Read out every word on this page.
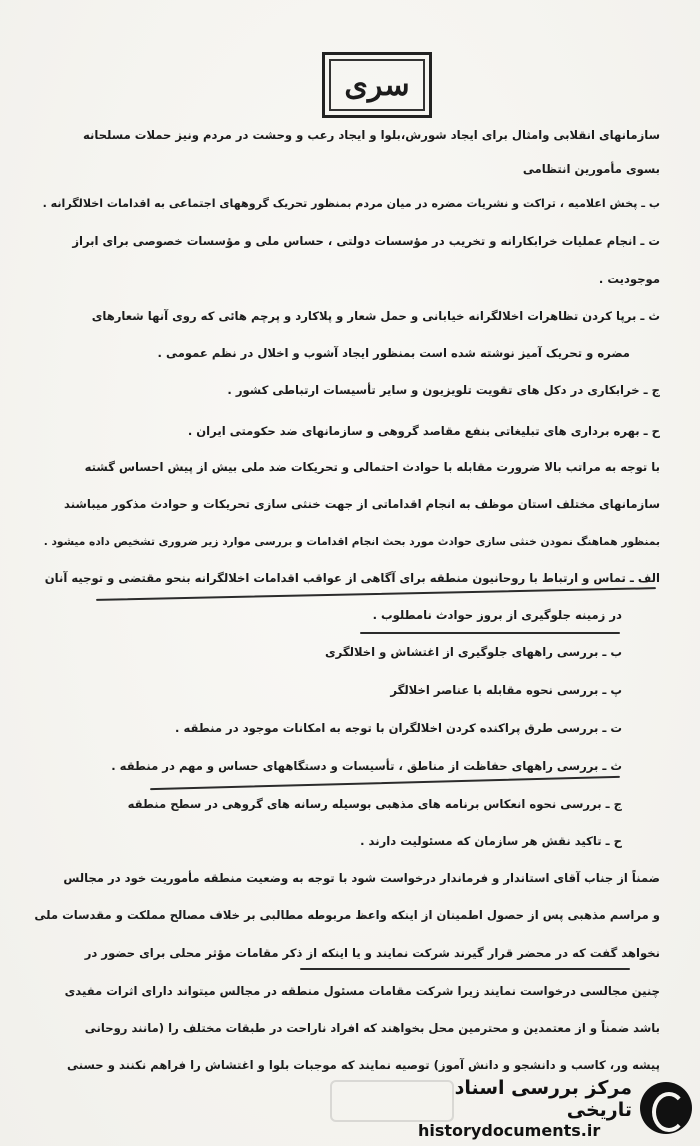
سری
سازمانهای انقلابی وامثال برای ایجاد شورش،بلوا و ایجاد رعب و وحشت در مردم ونیز حملات مسلحانه
بسوی مأمورین انتظامی
ب ـ پخش اعلامیه ، تراکت و نشریات مضره در میان مردم بمنظور تحریک گروههای اجتماعی به اقدامات اخلالگرانه .
ت ـ انجام عملیات خرابکارانه و تخریب در مؤسسات دولتی ، حساس ملی و مؤسسات خصوصی برای ابراز
موجودیت .
ث ـ برپا کردن تظاهرات اخلالگرانه خیابانی و حمل شعار و پلاکارد و پرچم هائی که روی آنها شعارهای
مضره و تحریک آمیز نوشته شده است بمنظور ایجاد آشوب و اخلال در نظم عمومی .
ج ـ خرابکاری در دکل های تقویت تلویزیون و سایر تأسیسات ارتباطی کشور .
ح ـ بهره برداری های تبلیغاتی بنفع مقاصد گروهی و سازمانهای ضد حکومتی ایران .
با توجه به مراتب بالا ضرورت مقابله با حوادث احتمالی و تحریکات ضد ملی بیش از پیش احساس گشته
سازمانهای مختلف استان موظف به انجام اقداماتی از جهت خنثی سازی تحریکات و حوادث مذکور میباشند
بمنظور هماهنگ نمودن خنثی سازی حوادث مورد بحث انجام اقدامات و بررسی موارد زیر ضروری تشخیص داده میشود .
الف ـ تماس و ارتباط با روحانیون منطقه برای آگاهی از عواقب اقدامات اخلالگرانه بنحو مقتضی و توجیه آنان
در زمینه جلوگیری از بروز حوادث نامطلوب .
ب ـ بررسی راههای جلوگیری از اغتشاش و اخلالگری
پ ـ بررسی نحوه مقابله با عناصر اخلالگر
ت ـ بررسی طرق پراکنده کردن اخلالگران با توجه به امکانات موجود در منطقه .
ث ـ بررسی راههای حفاظت از مناطق ، تأسیسات و دستگاههای حساس و مهم در منطقه .
ج ـ بررسی نحوه انعکاس برنامه های مذهبی بوسیله رسانه های گروهی در سطح منطقه
ح ـ تاکید نقش هر سازمان که مسئولیت دارند .
ضمناً از جناب آقای استاندار و فرماندار درخواست شود با توجه به وضعیت منطقه مأموریت خود در مجالس
و مراسم مذهبی پس از حصول اطمینان از اینکه واعظ مربوطه مطالبی بر خلاف مصالح مملکت و مقدسات ملی
نخواهد گفت که در محضر قرار گیرند شرکت نمایند و یا اینکه از ذکر مقامات مؤثر محلی برای حضور در
چنین مجالسی درخواست نمایند زیرا شرکت مقامات مسئول منطقه در مجالس میتواند دارای اثرات مفیدی
باشد ضمناً و از معتمدین و محترمین محل بخواهند که افراد ناراحت در طبقات مختلف را (مانند روحانی
پیشه ور، کاسب و دانشجو و دانش آموز) توصیه نمایند که موجبات بلوا و اغتشاش را فراهم نکنند و حسنی
مرکز بررسی اسناد تاریخی
historydocuments.ir
